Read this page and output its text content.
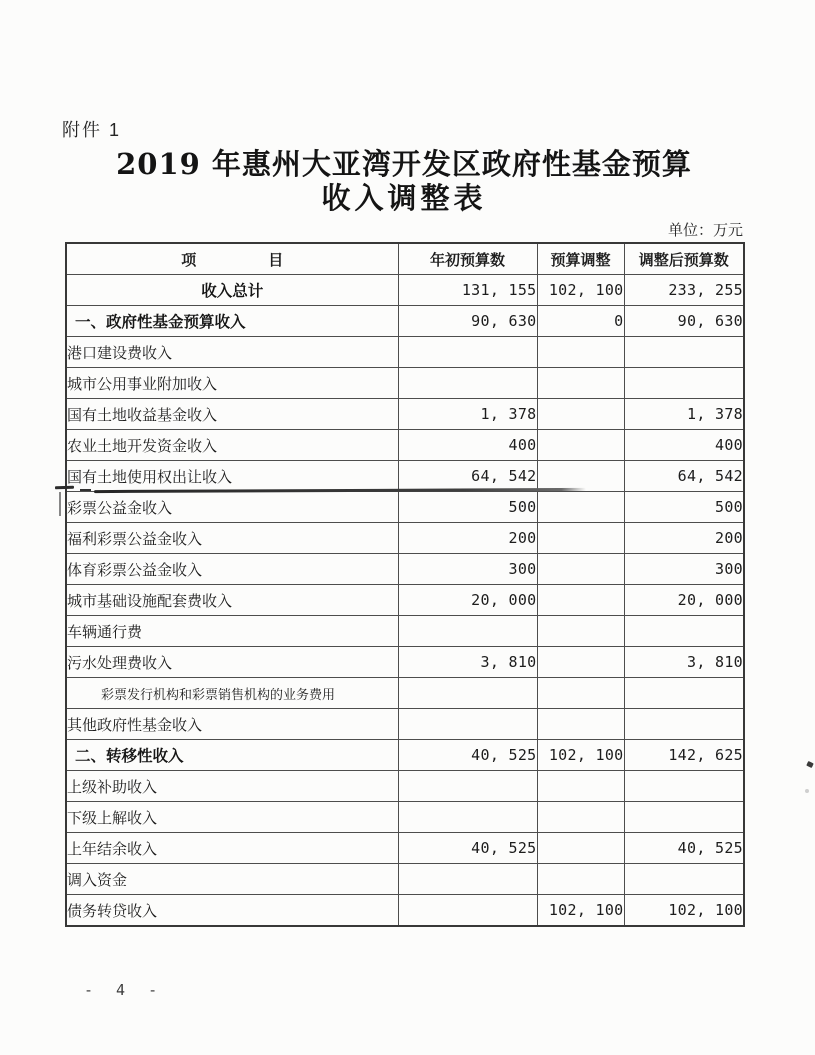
附件 1
2019 年惠州大亚湾开发区政府性基金预算
收入调整表
单位：万元
项 目	年初预算数	预算调整	调整后预算数
收入总计	131, 155	102, 100	233, 255
一、政府性基金预算收入	90, 630	0	90, 630
港口建设费收入			
城市公用事业附加收入			
国有土地收益基金收入	1, 378		1, 378
农业土地开发资金收入	400		400
国有土地使用权出让收入	64, 542		64, 542
彩票公益金收入	500		500
福利彩票公益金收入	200		200
体育彩票公益金收入	300		300
城市基础设施配套费收入	20, 000		20, 000
车辆通行费			
污水处理费收入	3, 810		3, 810
彩票发行机构和彩票销售机构的业务费用			
其他政府性基金收入			
二、转移性收入	40, 525	102, 100	142, 625
上级补助收入			
下级上解收入			
上年结余收入	40, 525		40, 525
调入资金			
债务转贷收入		102, 100	102, 100
- 4 -
